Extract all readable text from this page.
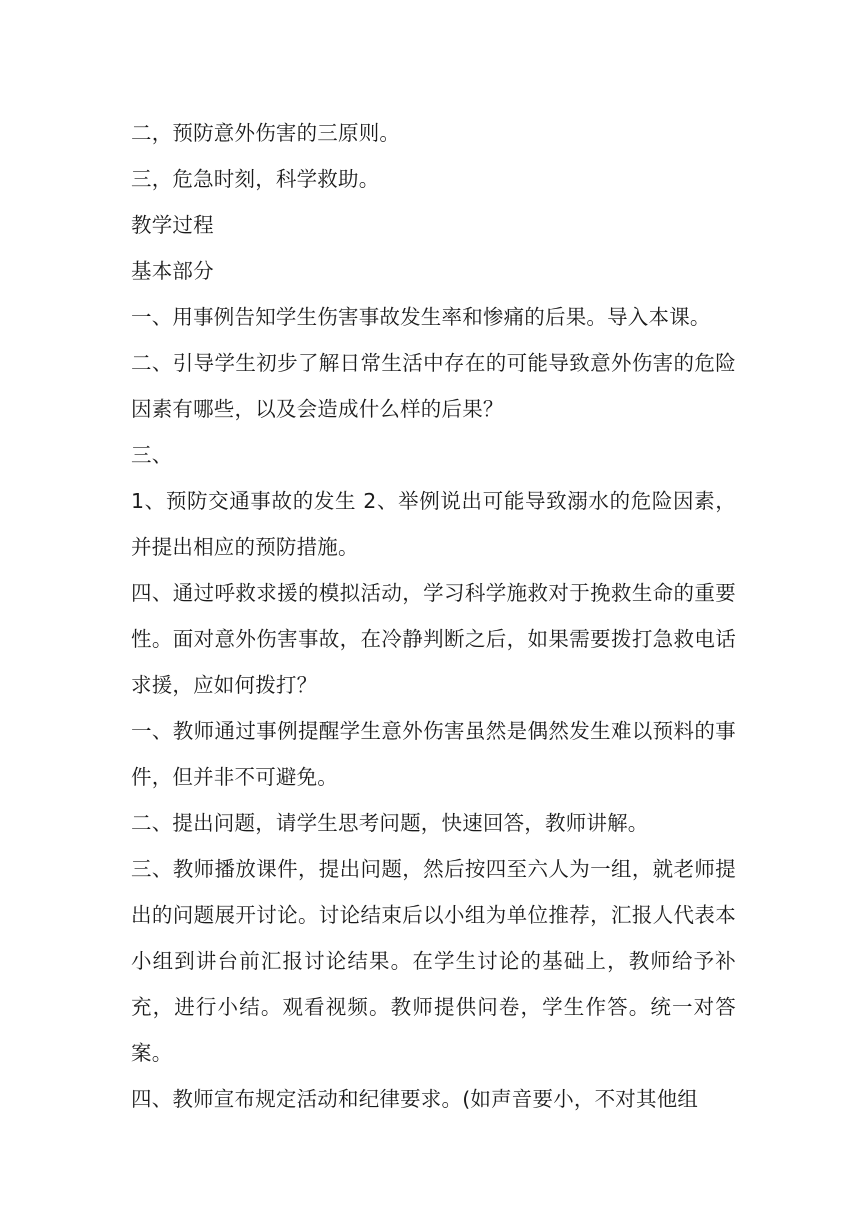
二，预防意外伤害的三原则。

三，危急时刻，科学救助。

教学过程

基本部分

一、用事例告知学生伤害事故发生率和惨痛的后果。导入本课。

二、引导学生初步了解日常生活中存在的可能导致意外伤害的危险因素有哪些，以及会造成什么样的后果？

三、

1、预防交通事故的发生 2、举例说出可能导致溺水的危险因素，并提出相应的预防措施。

四、通过呼救求援的模拟活动，学习科学施救对于挽救生命的重要性。面对意外伤害事故，在冷静判断之后，如果需要拨打急救电话求援，应如何拨打？

一、教师通过事例提醒学生意外伤害虽然是偶然发生难以预料的事件，但并非不可避免。

二、提出问题，请学生思考问题，快速回答，教师讲解。

三、教师播放课件，提出问题，然后按四至六人为一组，就老师提出的问题展开讨论。讨论结束后以小组为单位推荐，汇报人代表本小组到讲台前汇报讨论结果。在学生讨论的基础上，教师给予补充，进行小结。观看视频。教师提供问卷，学生作答。统一对答案。

四、教师宣布规定活动和纪律要求。(如声音要小，不对其他组
